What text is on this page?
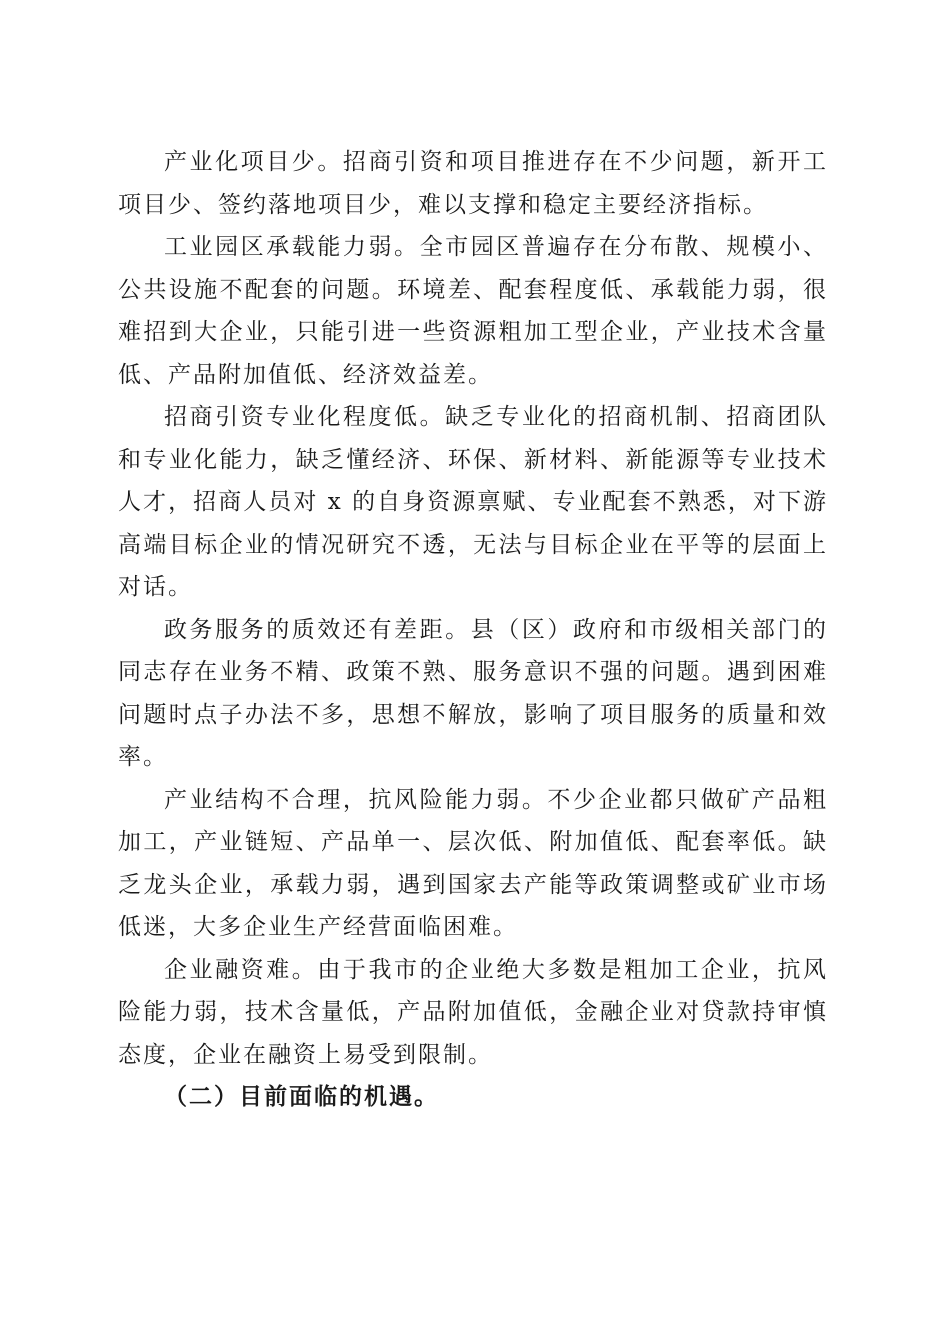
产业化项目少。招商引资和项目推进存在不少问题，新开工项目少、签约落地项目少，难以支撑和稳定主要经济指标。

工业园区承载能力弱。全市园区普遍存在分布散、规模小、公共设施不配套的问题。环境差、配套程度低、承载能力弱，很难招到大企业，只能引进一些资源粗加工型企业，产业技术含量低、产品附加值低、经济效益差。

招商引资专业化程度低。缺乏专业化的招商机制、招商团队和专业化能力，缺乏懂经济、环保、新材料、新能源等专业技术人才，招商人员对 x 的自身资源禀赋、专业配套不熟悉，对下游高端目标企业的情况研究不透，无法与目标企业在平等的层面上对话。

政务服务的质效还有差距。县（区）政府和市级相关部门的同志存在业务不精、政策不熟、服务意识不强的问题。遇到困难问题时点子办法不多，思想不解放，影响了项目服务的质量和效率。

产业结构不合理，抗风险能力弱。不少企业都只做矿产品粗加工，产业链短、产品单一、层次低、附加值低、配套率低。缺乏龙头企业，承载力弱，遇到国家去产能等政策调整或矿业市场低迷，大多企业生产经营面临困难。

企业融资难。由于我市的企业绝大多数是粗加工企业，抗风险能力弱，技术含量低，产品附加值低，金融企业对贷款持审慎态度，企业在融资上易受到限制。

（二）目前面临的机遇。
